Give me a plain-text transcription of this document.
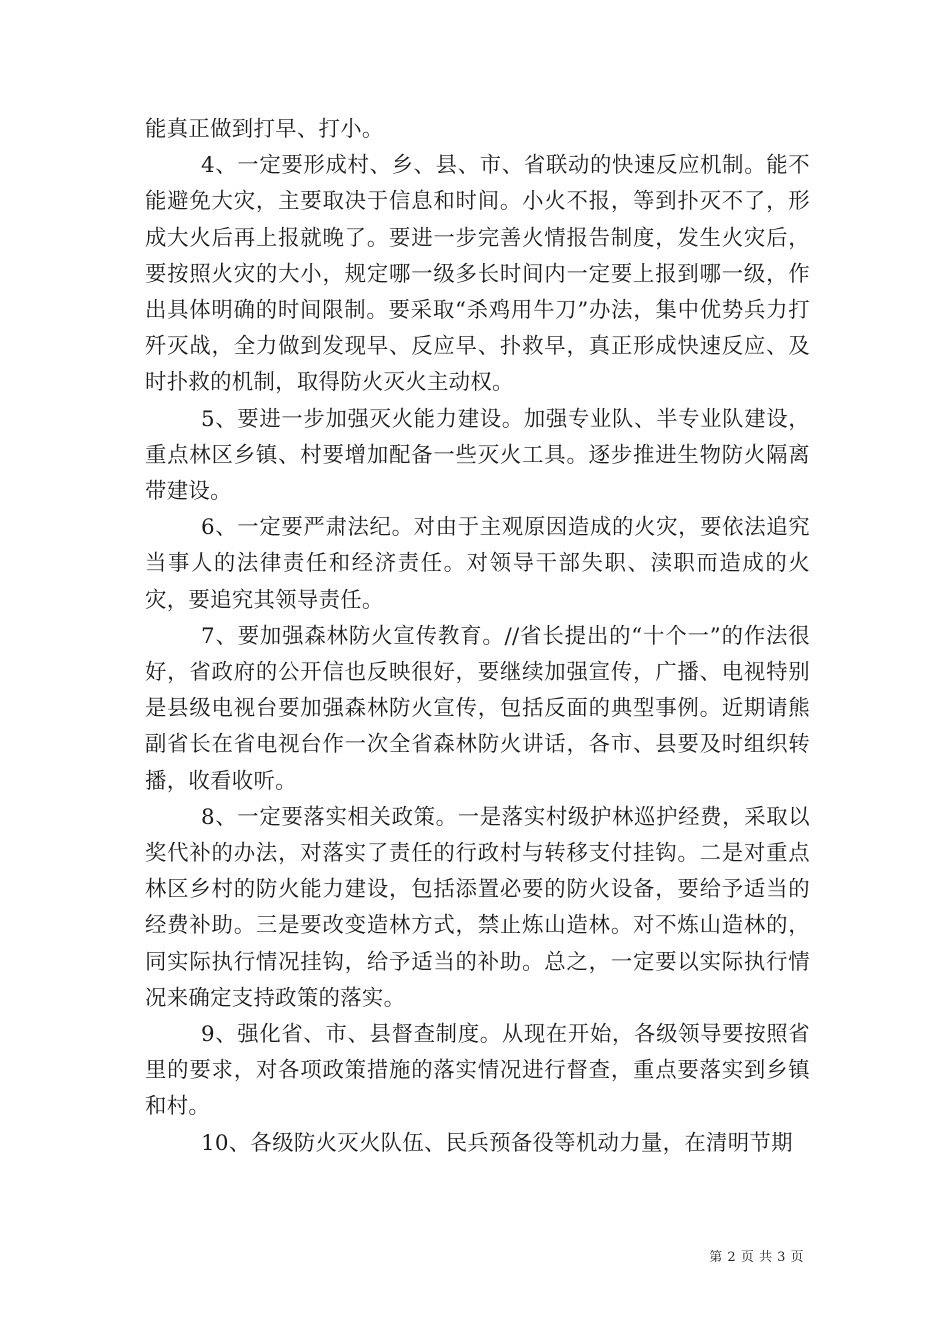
能真正做到打早、打小。

4、一定要形成村、乡、县、市、省联动的快速反应机制。能不能避免大灾，主要取决于信息和时间。小火不报，等到扑灭不了，形成大火后再上报就晚了。要进一步完善火情报告制度，发生火灾后，要按照火灾的大小，规定哪一级多长时间内一定要上报到哪一级，作出具体明确的时间限制。要采取“杀鸡用牛刀”办法，集中优势兵力打歼灭战，全力做到发现早、反应早、扑救早，真正形成快速反应、及时扑救的机制，取得防火灭火主动权。

5、要进一步加强灭火能力建设。加强专业队、半专业队建设，重点林区乡镇、村要增加配备一些灭火工具。逐步推进生物防火隔离带建设。

6、一定要严肃法纪。对由于主观原因造成的火灾，要依法追究当事人的法律责任和经济责任。对领导干部失职、渎职而造成的火灾，要追究其领导责任。

7、要加强森林防火宣传教育。//省长提出的“十个一”的作法很好，省政府的公开信也反映很好，要继续加强宣传，广播、电视特别是县级电视台要加强森林防火宣传，包括反面的典型事例。近期请熊副省长在省电视台作一次全省森林防火讲话，各市、县要及时组织转播，收看收听。

8、一定要落实相关政策。一是落实村级护林巡护经费，采取以奖代补的办法，对落实了责任的行政村与转移支付挂钩。二是对重点林区乡村的防火能力建设，包括添置必要的防火设备，要给予适当的经费补助。三是要改变造林方式，禁止炼山造林。对不炼山造林的，同实际执行情况挂钩，给予适当的补助。总之，一定要以实际执行情况来确定支持政策的落实。

9、强化省、市、县督查制度。从现在开始，各级领导要按照省里的要求，对各项政策措施的落实情况进行督查，重点要落实到乡镇和村。

10、各级防火灭火队伍、民兵预备役等机动力量，在清明节期

第 2 页 共 3 页
